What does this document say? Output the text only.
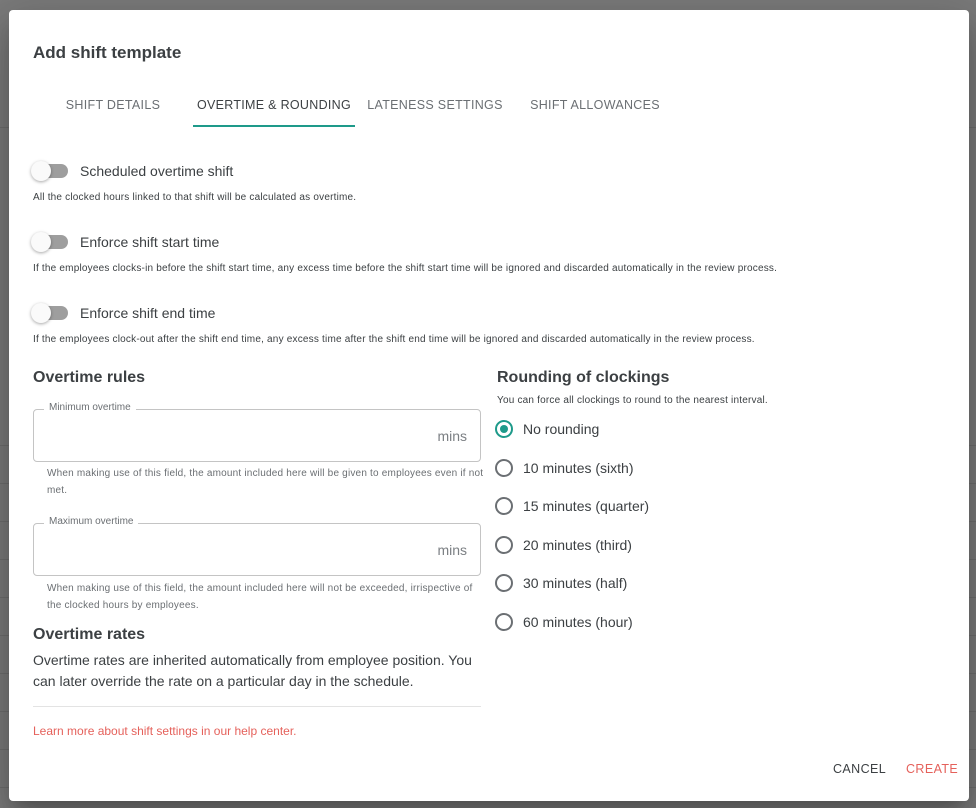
Add shift template
SHIFT DETAILS	OVERTIME & ROUNDING	LATENESS SETTINGS	SHIFT ALLOWANCES
Scheduled overtime shift
All the clocked hours linked to that shift will be calculated as overtime.
Enforce shift start time
If the employees clocks-in before the shift start time, any excess time before the shift start time will be ignored and discarded automatically in the review process.
Enforce shift end time
If the employees clock-out after the shift end time, any excess time after the shift end time will be ignored and discarded automatically in the review process.
Overtime rules
Minimum overtime
mins
When making use of this field, the amount included here will be given to employees even if not met.
Maximum overtime
mins
When making use of this field, the amount included here will not be exceeded, irrispective of the clocked hours by employees.
Overtime rates
Overtime rates are inherited automatically from employee position. You can later override the rate on a particular day in the schedule.
Learn more about shift settings in our help center.
Rounding of clockings
You can force all clockings to round to the nearest interval.
No rounding
10 minutes (sixth)
15 minutes (quarter)
20 minutes (third)
30 minutes (half)
60 minutes (hour)
CANCEL CREATE
